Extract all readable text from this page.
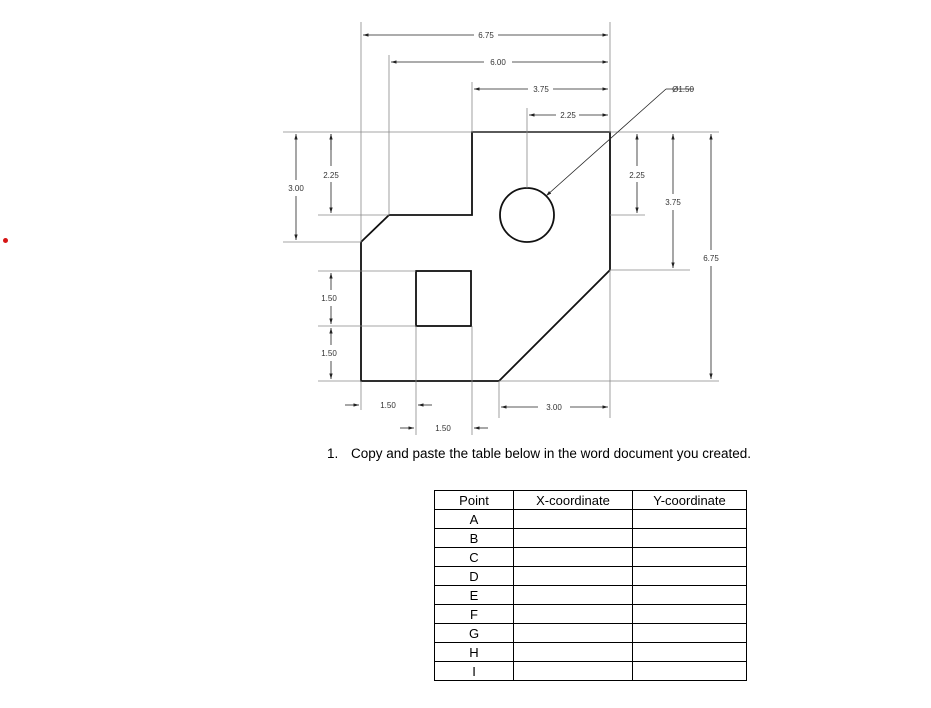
6.75
6.00
3.75
2.25
Ø1.50
3.00
2.25
1.50
1.50
2.25
3.75
6.75
1.50
1.50
3.00
1. Copy and paste the table below in the word document you created.
Point	X-coordinate	Y-coordinate
A		
B		
C		
D		
E		
F		
G		
H		
I		
